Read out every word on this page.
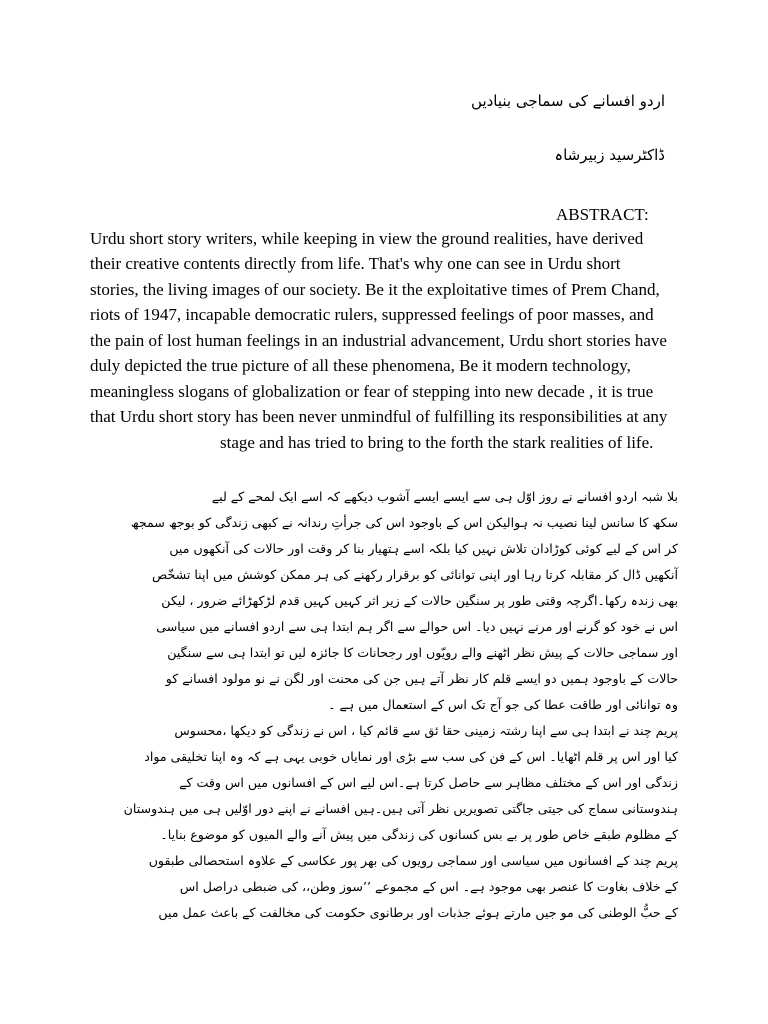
اردو افسانے کی سماجی بنیادیں
ڈاکٹرسید زبیرشاہ
ABSTRACT:
Urdu short story writers, while keeping in view the ground realities, have derived
their creative contents directly from life. That's why one can see in Urdu short
stories, the living images of our society. Be it the exploitative times of Prem Chand,
riots of 1947, incapable democratic rulers, suppressed feelings of poor masses, and
the pain of lost human feelings in an industrial advancement, Urdu short stories have
duly depicted the true picture of all these phenomena, Be it modern technology,
meaningless slogans of globalization or fear of stepping into new decade , it is true
that Urdu short story has been never unmindful of fulfilling its responsibilities at any
stage and has tried to bring to the forth the stark realities of life.
بلا شبہ اردو افسانے نے روز اوّل ہی سے ایسے ایسے آشوب دیکھے کہ اسے ایک لمحے کے لیے
سکھ کا سانس لینا نصیب نہ ہوالیکن اس کے باوجود اس کی جرأتِ رندانہ نے کبھی زندگی کو بوجھ سمجھ
کر اس کے لیے کوئی کوڑادان تلاش نہیں کیا بلکہ اسے ہتھیار بنا کر وقت اور حالات کی آنکھوں میں
آنکھیں ڈال کر مقابلہ کرتا رہا اور اپنی توانائی کو برقرار رکھنے کی ہر ممکن کوشش میں اپنا تشخّص
بھی زندہ رکھا۔اگرچہ وقتی طور پر سنگین حالات کے زیر اثر کہیں کہیں قدم لڑکھڑائے ضرور ، لیکن
اس نے خود کو گرنے اور مرنے نہیں دیا۔ اس حوالے سے اگر ہم ابتدا ہی سے اردو افسانے میں سیاسی
اور سماجی حالات کے پیش نظر اٹھنے والے رویّوں اور رجحانات کا جائزہ لیں تو ابتدا ہی سے سنگین
حالات کے باوجود ہمیں دو ایسے قلم کار نظر آتے ہیں جن کی محنت اور لگن نے نو مولود افسانے کو
وہ توانائی اور طاقت عطا کی جو آج تک اس کے استعمال میں ہے ۔
پریم چند نے ابتدا ہی سے اپنا رشتہ زمینی حقا ئق سے قائم کیا ، اس نے زندگی کو دیکھا ،محسوس
کیا اور اس پر قلم اٹھایا۔ اس کے فن کی سب سے بڑی اور نمایاں خوبی یہی ہے کہ وہ اپنا تخلیقی مواد
زندگی اور اس کے مختلف مظاہر سے حاصل کرتا ہے۔اس لیے اس کے افسانوں میں اس وقت کے
ہندوستانی سماج کی جیتی جاگتی تصویریں نظر آتی ہیں۔ہیں افسانے نے اپنے دور اوّلیں ہی میں ہندوستان
کے مظلوم طبقے خاص طور پر بے بس کسانوں کی زندگی میں پیش آنے والے المیوں کو موضوع بنایا۔
پریم چند کے افسانوں میں سیاسی اور سماجی رویوں کی بھر پور عکاسی کے علاوہ استحصالی طبقوں
کے خلاف بغاوت کا عنصر بھی موجود ہے۔ اس کے مجموعے ’’سوز وطن،، کی ضبطی دراصل اس
کے حبُّ الوطنی کی مو جیں مارتے ہوئے جذبات اور برطانوی حکومت کی مخالفت کے باعث عمل میں
